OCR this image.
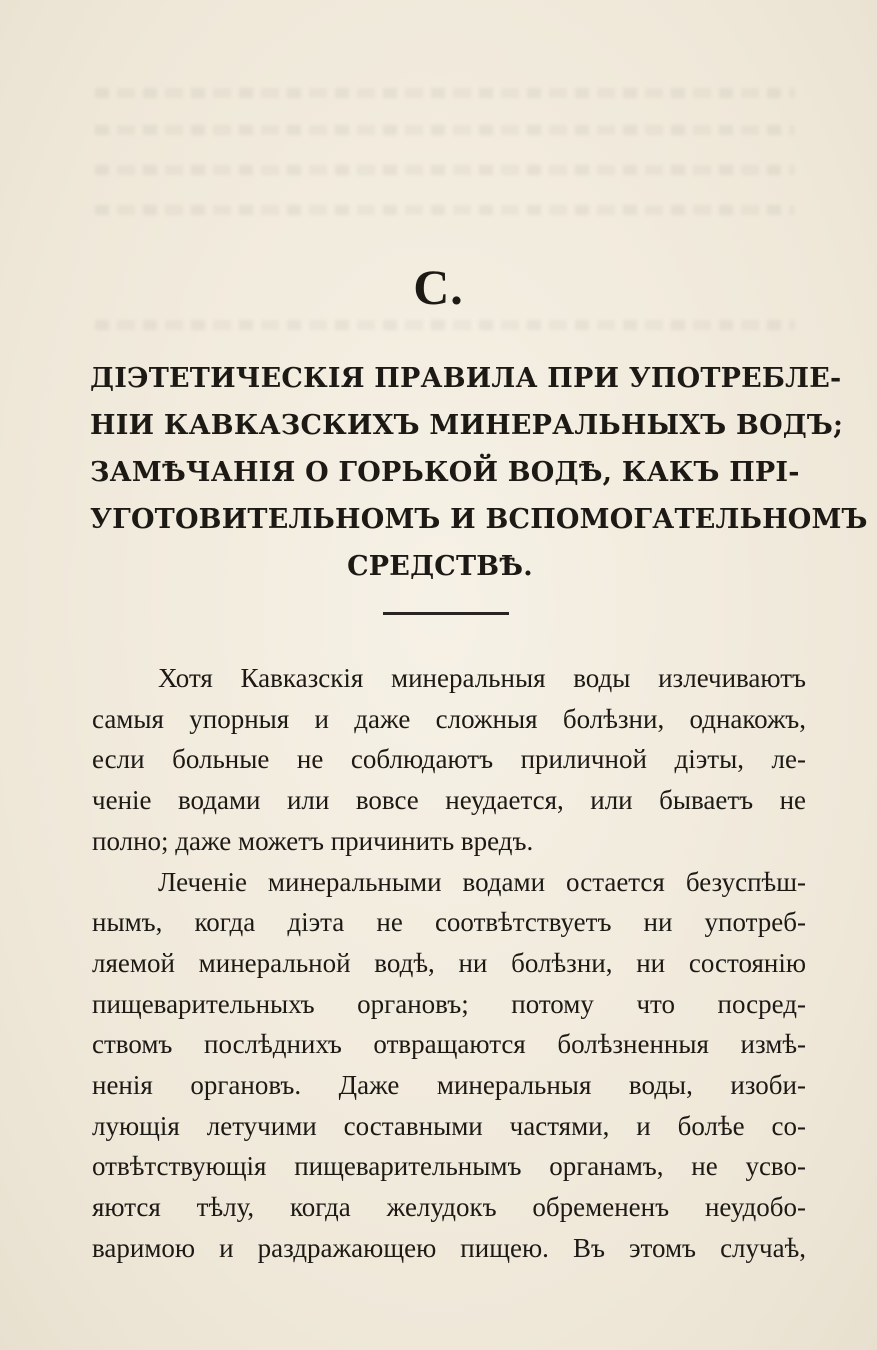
С.
ДІЭТЕТИЧЕСКІЯ ПРАВИЛА ПРИ УПОТРЕБЛЕ-
НІИ КАВКАЗСКИХЪ МИНЕРАЛЬНЫХЪ ВОДЪ;
ЗАМѢЧАНІЯ О ГОРЬКОЙ ВОДѢ, КАКЪ ПРІ-
УГОТОВИТЕЛЬНОМЪ И ВСПОМОГАТЕЛЬНОМЪ
СРЕДСТВѢ.
Хотя Кавказскія минеральныя воды излечиваютъ
самыя упорныя и даже сложныя болѣзни, однакожъ,
если больные не соблюдаютъ приличной діэты, ле-
ченіе водами или вовсе неудается, или бываетъ не
полно; даже можетъ причинить вредъ.
Леченіе минеральными водами остается безуспѣш-
нымъ, когда діэта не соотвѣтствуетъ ни употреб-
ляемой минеральной водѣ, ни болѣзни, ни состоянію
пищеварительныхъ органовъ; потому что посред-
ствомъ послѣднихъ отвращаются болѣзненныя измѣ-
ненія органовъ. Даже минеральныя воды, изоби-
лующія летучими составными частями, и болѣе со-
отвѣтствующія пищеварительнымъ органамъ, не усво-
яются тѣлу, когда желудокъ обремененъ неудобо-
варимою и раздражающею пищею. Въ этомъ случаѣ,
